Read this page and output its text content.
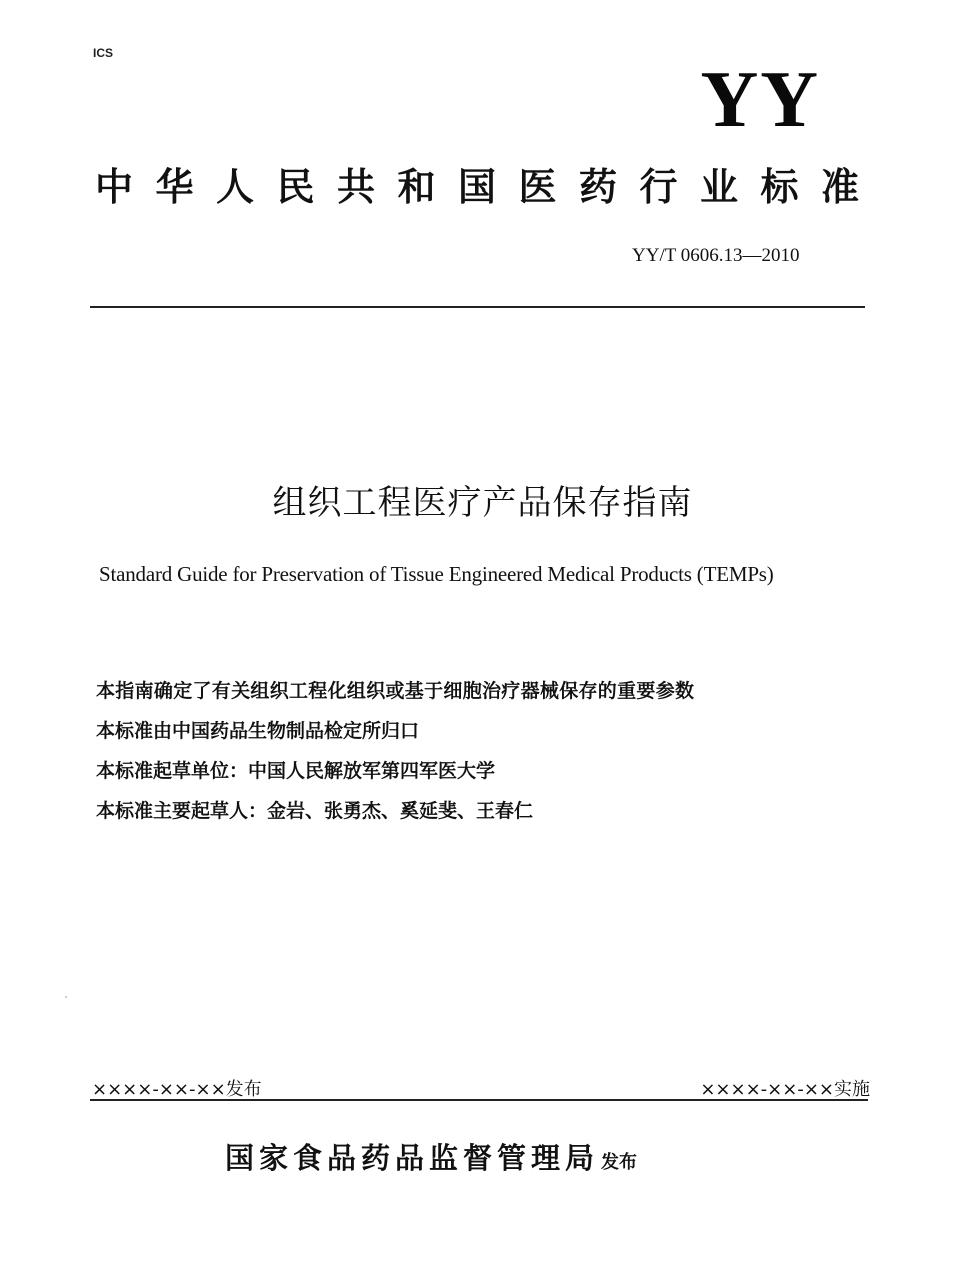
ICS
YY
中华人民共和国医药行业标准
YY/T 0606.13—2010
组织工程医疗产品保存指南
Standard Guide for Preservation of Tissue Engineered Medical Products (TEMPs)
本指南确定了有关组织工程化组织或基于细胞治疗器械保存的重要参数
本标准由中国药品生物制品检定所归口
本标准起草单位：中国人民解放军第四军医大学
本标准主要起草人：金岩、张勇杰、奚延斐、王春仁
××××-××-××发布	××××-××-××实施
国家食品药品监督管理局 发布
